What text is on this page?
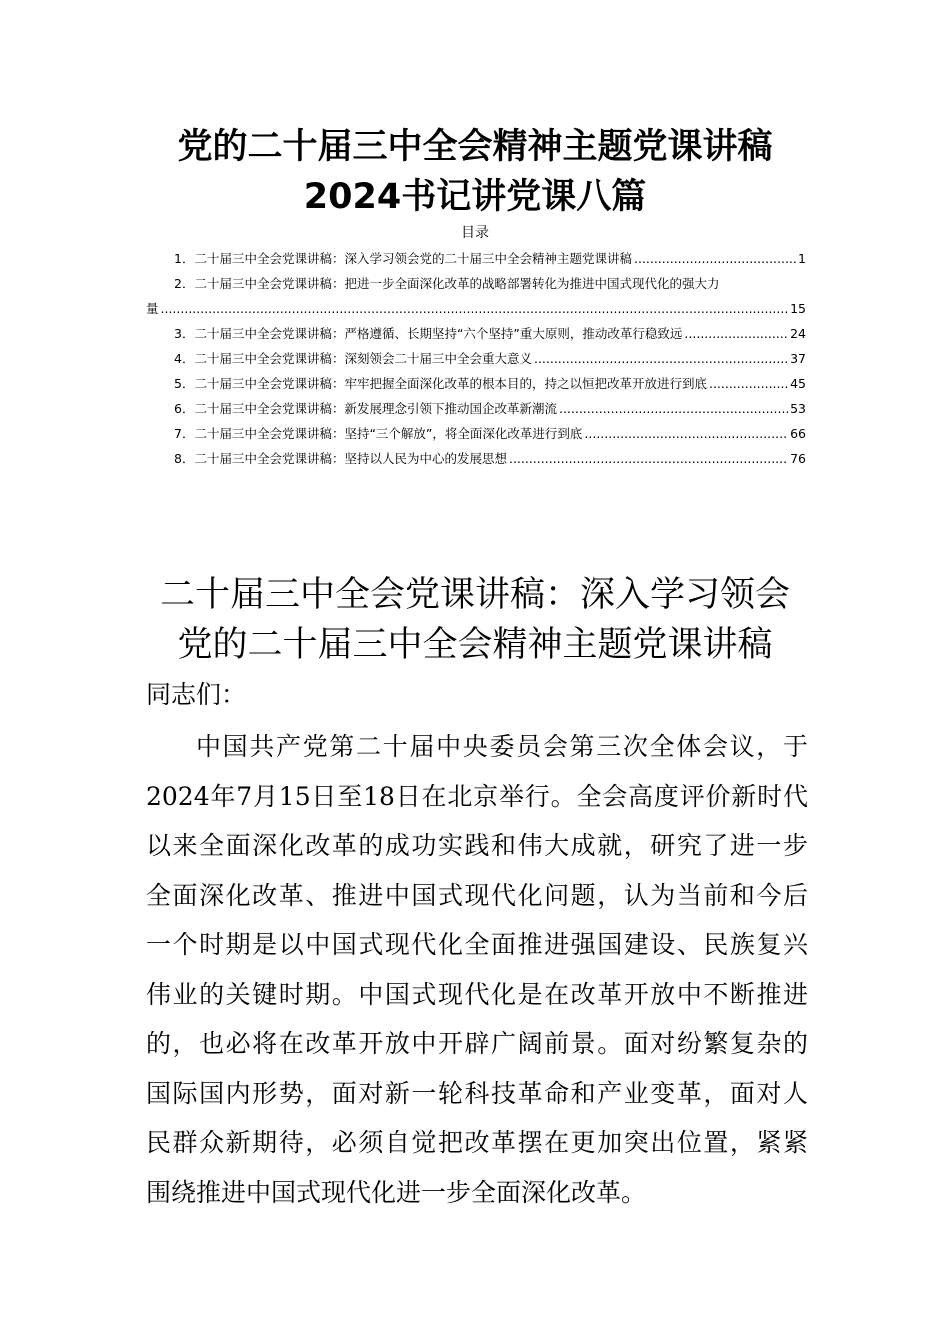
党的二十届三中全会精神主题党课讲稿
2024书记讲党课八篇
目录
1．二十届三中全会党课讲稿：深入学习领会党的二十届三中全会精神主题党课讲稿 .....	1
2．二十届三中全会党课讲稿：把进一步全面深化改革的战略部署转化为推进中国式现代化的强大力
量 .....	15
3．二十届三中全会党课讲稿：严格遵循、长期坚持“六个坚持”重大原则，推动改革行稳致远 .....	24
4．二十届三中全会党课讲稿：深刻领会二十届三中全会重大意义 .....	37
5．二十届三中全会党课讲稿：牢牢把握全面深化改革的根本目的，持之以恒把改革开放进行到底 .....	45
6．二十届三中全会党课讲稿：新发展理念引领下推动国企改革新潮流 .....	53
7．二十届三中全会党课讲稿：坚持“三个解放”，将全面深化改革进行到底 .....	66
8．二十届三中全会党课讲稿：坚持以人民为中心的发展思想 .....	76
二十届三中全会党课讲稿：深入学习领会
党的二十届三中全会精神主题党课讲稿
同志们：
中国共产党第二十届中央委员会第三次全体会议，于
2024年7月15日至18日在北京举行。全会高度评价新时代
以来全面深化改革的成功实践和伟大成就，研究了进一步
全面深化改革、推进中国式现代化问题，认为当前和今后
一个时期是以中国式现代化全面推进强国建设、民族复兴
伟业的关键时期。中国式现代化是在改革开放中不断推进
的，也必将在改革开放中开辟广阔前景。面对纷繁复杂的
国际国内形势，面对新一轮科技革命和产业变革，面对人
民群众新期待，必须自觉把改革摆在更加突出位置，紧紧
围绕推进中国式现代化进一步全面深化改革。
